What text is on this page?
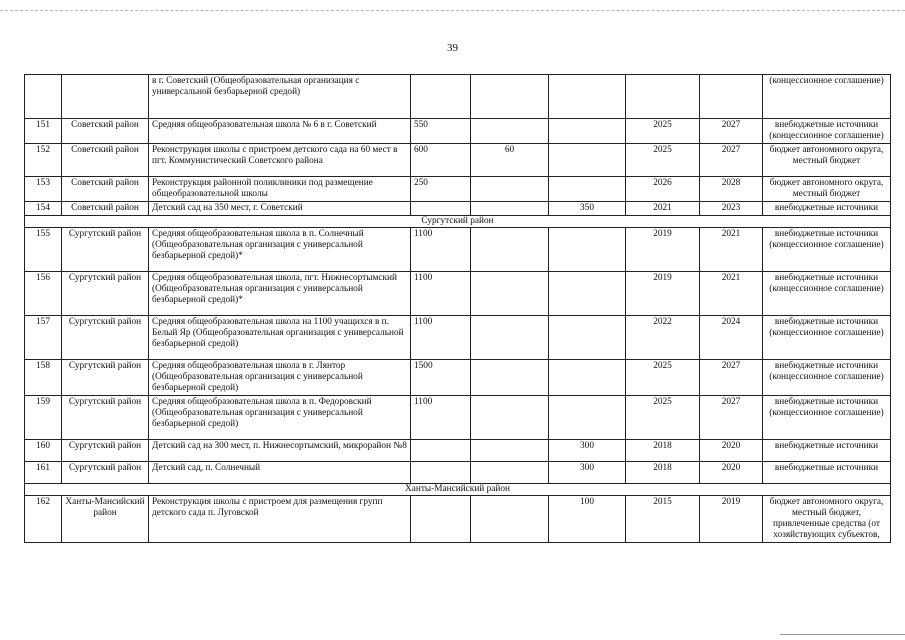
39
		в г. Советский (Общеобразовательная организация с универсальной безбарьерной средой)						(концессионное соглашение)
151	Советский район	Средняя общеобразовательная школа № 6 в г. Советский	550			2025	2027	внебюджетные источники (концессионное соглашение)
152	Советский район	Реконструкция школы с пристроем детского сада на 60 мест в пгт. Коммунистический Советского района	600	60		2025	2027	бюджет автономного округа, местный бюджет
153	Советский район	Реконструкция районной поликлиники под размещение общеобразовательной школы	250			2026	2028	бюджет автономного округа, местный бюджет
154	Советский район	Детский сад на 350 мест, г. Советский			350	2021	2023	внебюджетные источники
Сургутский район								
155	Сургутский район	Средняя общеобразовательная школа в п. Солнечный (Общеобразовательная организация с универсальной безбарьерной средой)*	1100			2019	2021	внебюджетные источники (концессионное соглашение)
156	Сургутский район	Средняя общеобразовательная школа, пгт. Нижнесортымский (Общеобразовательная организация с универсальной безбарьерной средой)*	1100			2019	2021	внебюджетные источники (концессионное соглашение)
157	Сургутский район	Средняя общеобразовательная школа на 1100 учащихся в п. Белый Яр (Общеобразовательная организация с универсальной безбарьерной средой)	1100			2022	2024	внебюджетные источники (концессионное соглашение)
158	Сургутский район	Средняя общеобразовательная школа в г. Лянтор (Общеобразовательная организация с универсальной безбарьерной средой)	1500			2025	2027	внебюджетные источники (концессионное соглашение)
159	Сургутский район	Средняя общеобразовательная школа в п. Федоровский (Общеобразовательная организация с универсальной безбарьерной средой)	1100			2025	2027	внебюджетные источники (концессионное соглашение)
160	Сургутский район	Детский сад на 300 мест, п. Нижнесортымский, микрорайон №8			300	2018	2020	внебюджетные источники
161	Сургутский район	Детский сад, п. Солнечный			300	2018	2020	внебюджетные источники
Ханты-Мансийский район								
162	Ханты-Мансийский район	Реконструкция школы с пристроем для размещения групп детского сада п. Луговской			100	2015	2019	бюджет автономного округа, местный бюджет, привлеченные средства (от хозяйствующих субъектов,
